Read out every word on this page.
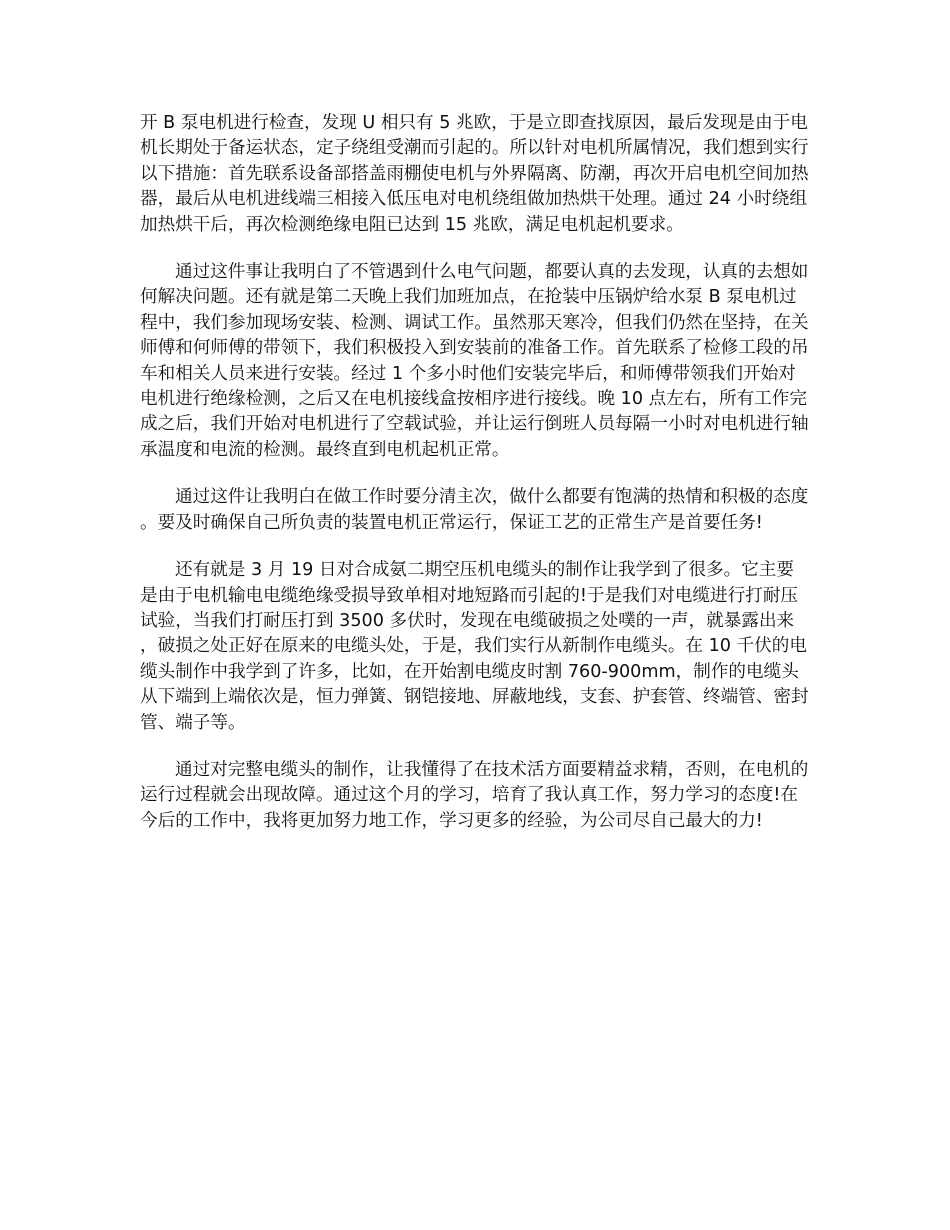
开 B 泵电机进行检查，发现 U 相只有 5 兆欧，于是立即查找原因，最后发现是由于电机长期处于备运状态，定子绕组受潮而引起的。所以针对电机所属情况，我们想到实行以下措施：首先联系设备部搭盖雨棚使电机与外界隔离、防潮，再次开启电机空间加热器，最后从电机进线端三相接入低压电对电机绕组做加热烘干处理。通过 24 小时绕组加热烘干后，再次检测绝缘电阻已达到 15 兆欧，满足电机起机要求。

通过这件事让我明白了不管遇到什么电气问题，都要认真的去发现，认真的去想如何解决问题。还有就是第二天晚上我们加班加点，在抢装中压锅炉给水泵 B 泵电机过程中，我们参加现场安装、检测、调试工作。虽然那天寒冷，但我们仍然在坚持，在关师傅和何师傅的带领下，我们积极投入到安装前的准备工作。首先联系了检修工段的吊车和相关人员来进行安装。经过 1 个多小时他们安装完毕后，和师傅带领我们开始对电机进行绝缘检测，之后又在电机接线盒按相序进行接线。晚 10 点左右，所有工作完成之后，我们开始对电机进行了空载试验，并让运行倒班人员每隔一小时对电机进行轴承温度和电流的检测。最终直到电机起机正常。

通过这件让我明白在做工作时要分清主次，做什么都要有饱满的热情和积极的态度。要及时确保自己所负责的装置电机正常运行，保证工艺的正常生产是首要任务!

还有就是 3 月 19 日对合成氨二期空压机电缆头的制作让我学到了很多。它主要是由于电机输电电缆绝缘受损导致单相对地短路而引起的!于是我们对电缆进行打耐压试验，当我们打耐压打到 3500 多伏时，发现在电缆破损之处噗的一声，就暴露出来，破损之处正好在原来的电缆头处，于是，我们实行从新制作电缆头。在 10 千伏的电缆头制作中我学到了许多，比如，在开始割电缆皮时割 760-900mm，制作的电缆头从下端到上端依次是，恒力弹簧、钢铠接地、屏蔽地线，支套、护套管、终端管、密封管、端子等。

通过对完整电缆头的制作，让我懂得了在技术活方面要精益求精，否则，在电机的运行过程就会出现故障。通过这个月的学习，培育了我认真工作，努力学习的态度!在今后的工作中，我将更加努力地工作，学习更多的经验，为公司尽自己最大的力!
